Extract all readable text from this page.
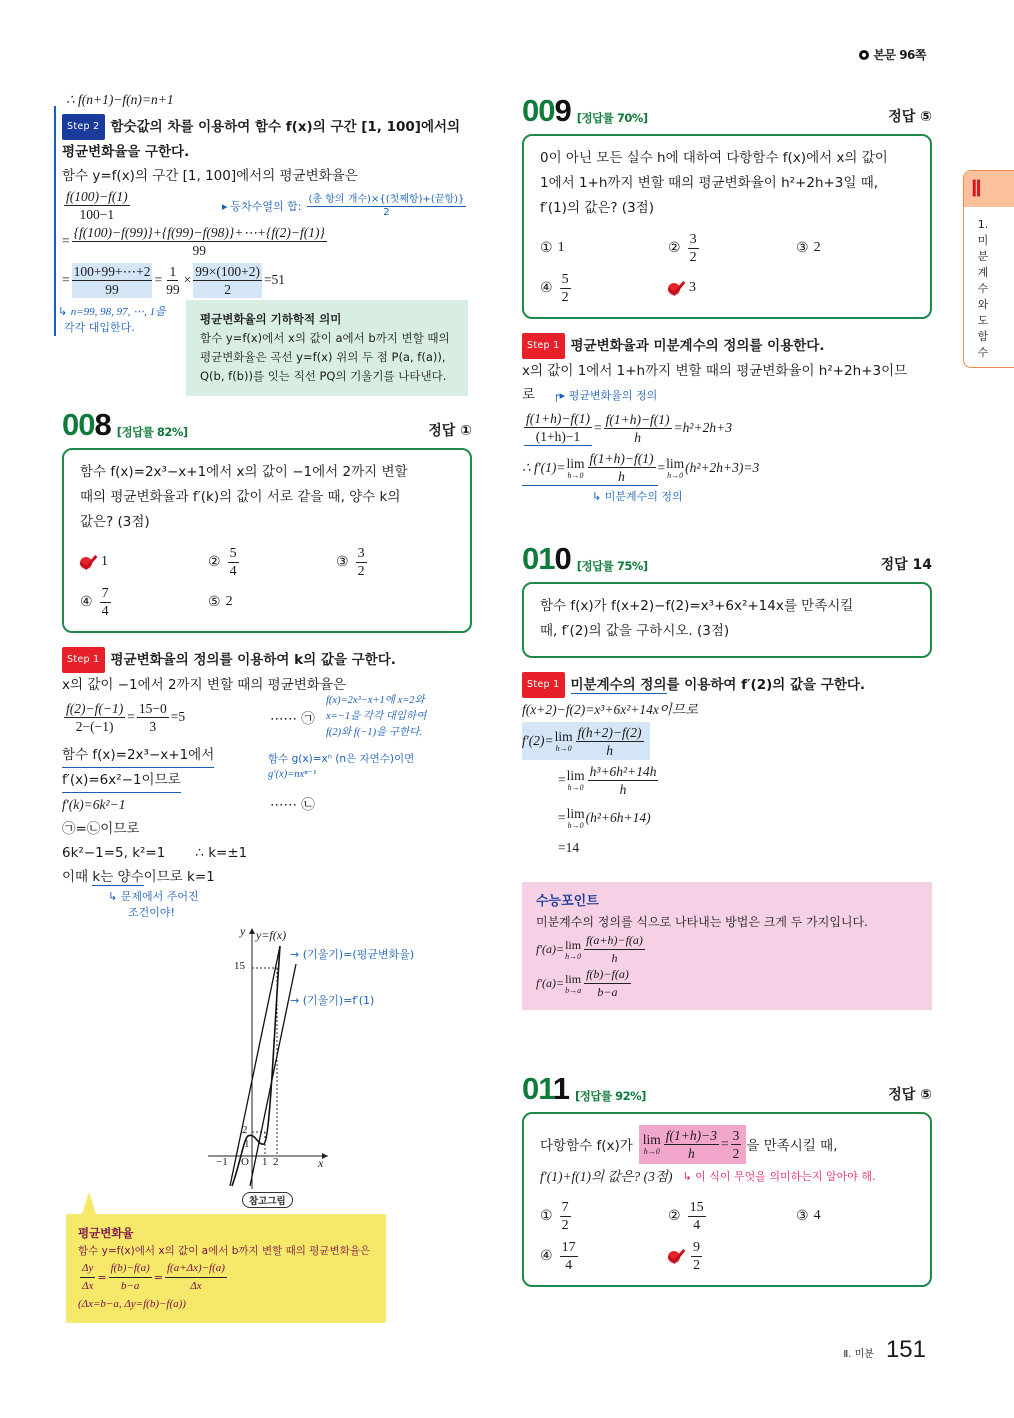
본문 96쪽
Ⅱ
1.미분계수와도함수
∴ f(n+1)−f(n)=n+1
Step 2 함숫값의 차를 이용하여 함수 f(x)의 구간 [1, 100]에서의
평균변화율을 구한다.
함수 y=f(x)의 구간 [1, 100]에서의 평균변화율은
$\frac{f(100)-f(1)}{100-1}$	▸ 등차수열의 합: $\frac{\text{(총 항의 개수)×\{(첫째항)+(끝항)\}}}{2}$
= $\frac{\{f(100)-f(99)\}+\{f(99)-f(98)\}+\cdots+\{f(2)-f(1)\}}{99}$
= $\frac{100+99+\cdots+2}{99} = \frac{1}{99} \times \frac{99\times(100+2)}{2} =51$
↳ n=99, 98, 97, ⋯, 1을
각각 대입한다.
평균변화율의 기하학적 의미
함수 y=f(x)에서 x의 값이 a에서 b까지 변할 때의
평균변화율은 곡선 y=f(x) 위의 두 점 P(a, f(a)),
Q(b, f(b))를 잇는 직선 PQ의 기울기를 나타낸다.
008 [정답률 82%]	정답 ①
함수 f(x)=2x³−x+1에서 x의 값이 −1에서 2까지 변할
때의 평균변화율과 f′(k)의 값이 서로 같을 때, 양수 k의
값은? (3점)
1	② $\frac{5}{4}$	③ $\frac{3}{2}$
④ $\frac{7}{4}$	⑤ 2
Step 1 평균변화율의 정의를 이용하여 k의 값을 구한다.
x의 값이 −1에서 2까지 변할 때의 평균변화율은
$\frac{f(2)-f(-1)}{2-(-1)} = \frac{15-0}{3} =5$	⋯⋯ ㉠
f(x)=2x³−x+1에 x=2와
x=−1을 각각 대입하여
f(2)와 f(−1)을 구한다.
함수 f(x)=2x³−x+1에서
f′(x)=6x²−1이므로
함수 g(x)=xⁿ (n은 자연수)이면
g′(x)=nxⁿ⁻¹
f′(k)=6k²−1	⋯⋯ ㉡
㉠=㉡이므로
6k²−1=5, k²=1 ∴ k=±1
이때 k는 양수이므로 k=1
↳ 문제에서 주어진
조건이야!
y y=f(x)
15
2
1
−1 O 1 2	x
→ (기울기)=(평균변화율)
→ (기울기)=f′(1)
참고그림
평균변화율
함수 y=f(x)에서 x의 값이 a에서 b까지 변할 때의 평균변화율은
$\frac{\Delta y}{\Delta x} = \frac{f(b)-f(a)}{b-a} = \frac{f(a+\Delta x)-f(a)}{\Delta x}$
(Δx=b−a, Δy=f(b)−f(a))
009 [정답률 70%]	정답 ⑤
0이 아닌 모든 실수 h에 대하여 다항함수 f(x)에서 x의 값이
1에서 1+h까지 변할 때의 평균변화율이 h²+2h+3일 때,
f′(1)의 값은? (3점)
① 1	② $\frac{3}{2}$	③ 2
④ $\frac{5}{2}$	3
Step 1 평균변화율과 미분계수의 정의를 이용한다.
x의 값이 1에서 1+h까지 변할 때의 평균변화율이 h²+2h+3이므
로 ┌▸ 평균변화율의 정의
$\frac{f(1+h)-f(1)}{(1+h)-1} = \frac{f(1+h)-f(1)}{h} =h^2+2h+3$
∴ f′(1)= lim
$h\to 0 \frac{f(1+h)-f(1)}{h} = \lim$
h→0
(h²+2h+3)=3
↳ 미분계수의 정의
010 [정답률 75%]	정답 14
함수 f(x)가 f(x+2)−f(2)=x³+6x²+14x를 만족시킬
때, f′(2)의 값을 구하시오. (3점)
Step 1 미분계수의 정의를 이용하여 f′(2)의 값을 구한다.
f(x+2)−f(2)=x³+6x²+14x이므로
f′(2)= lim
$h\to 0 \frac{f(h+2)-f(2)}{h}$
= lim
$h\to 0 \frac{\text{h³+6h²+14h}}{h}$
= lim
h→0
(h²+6h+14)
=14
수능포인트
미분계수의 정의를 식으로 나타내는 방법은 크게 두 가지입니다.
f′(a)= lim
$h\to 0 \frac{f(a+h)-f(a)}{h}$
f′(a)= lim
$b\to a \frac{f(b)-f(a)}{b-a}$
011 [정답률 92%]	정답 ⑤
다항함수 f(x)가 lim
$h\to 0 \frac{f(1+h)-3}{h} = \frac{3}{2}$ 을 만족시킬 때,
f′(1)+f(1)의 값은? (3점) ↳ 이 식이 무엇을 의미하는지 알아야 해.
① $\frac{7}{2}$	② $\frac{15}{4}$	③ 4
④ $\frac{17}{4}$	$\frac{9}{2}$
Ⅱ. 미분 151
